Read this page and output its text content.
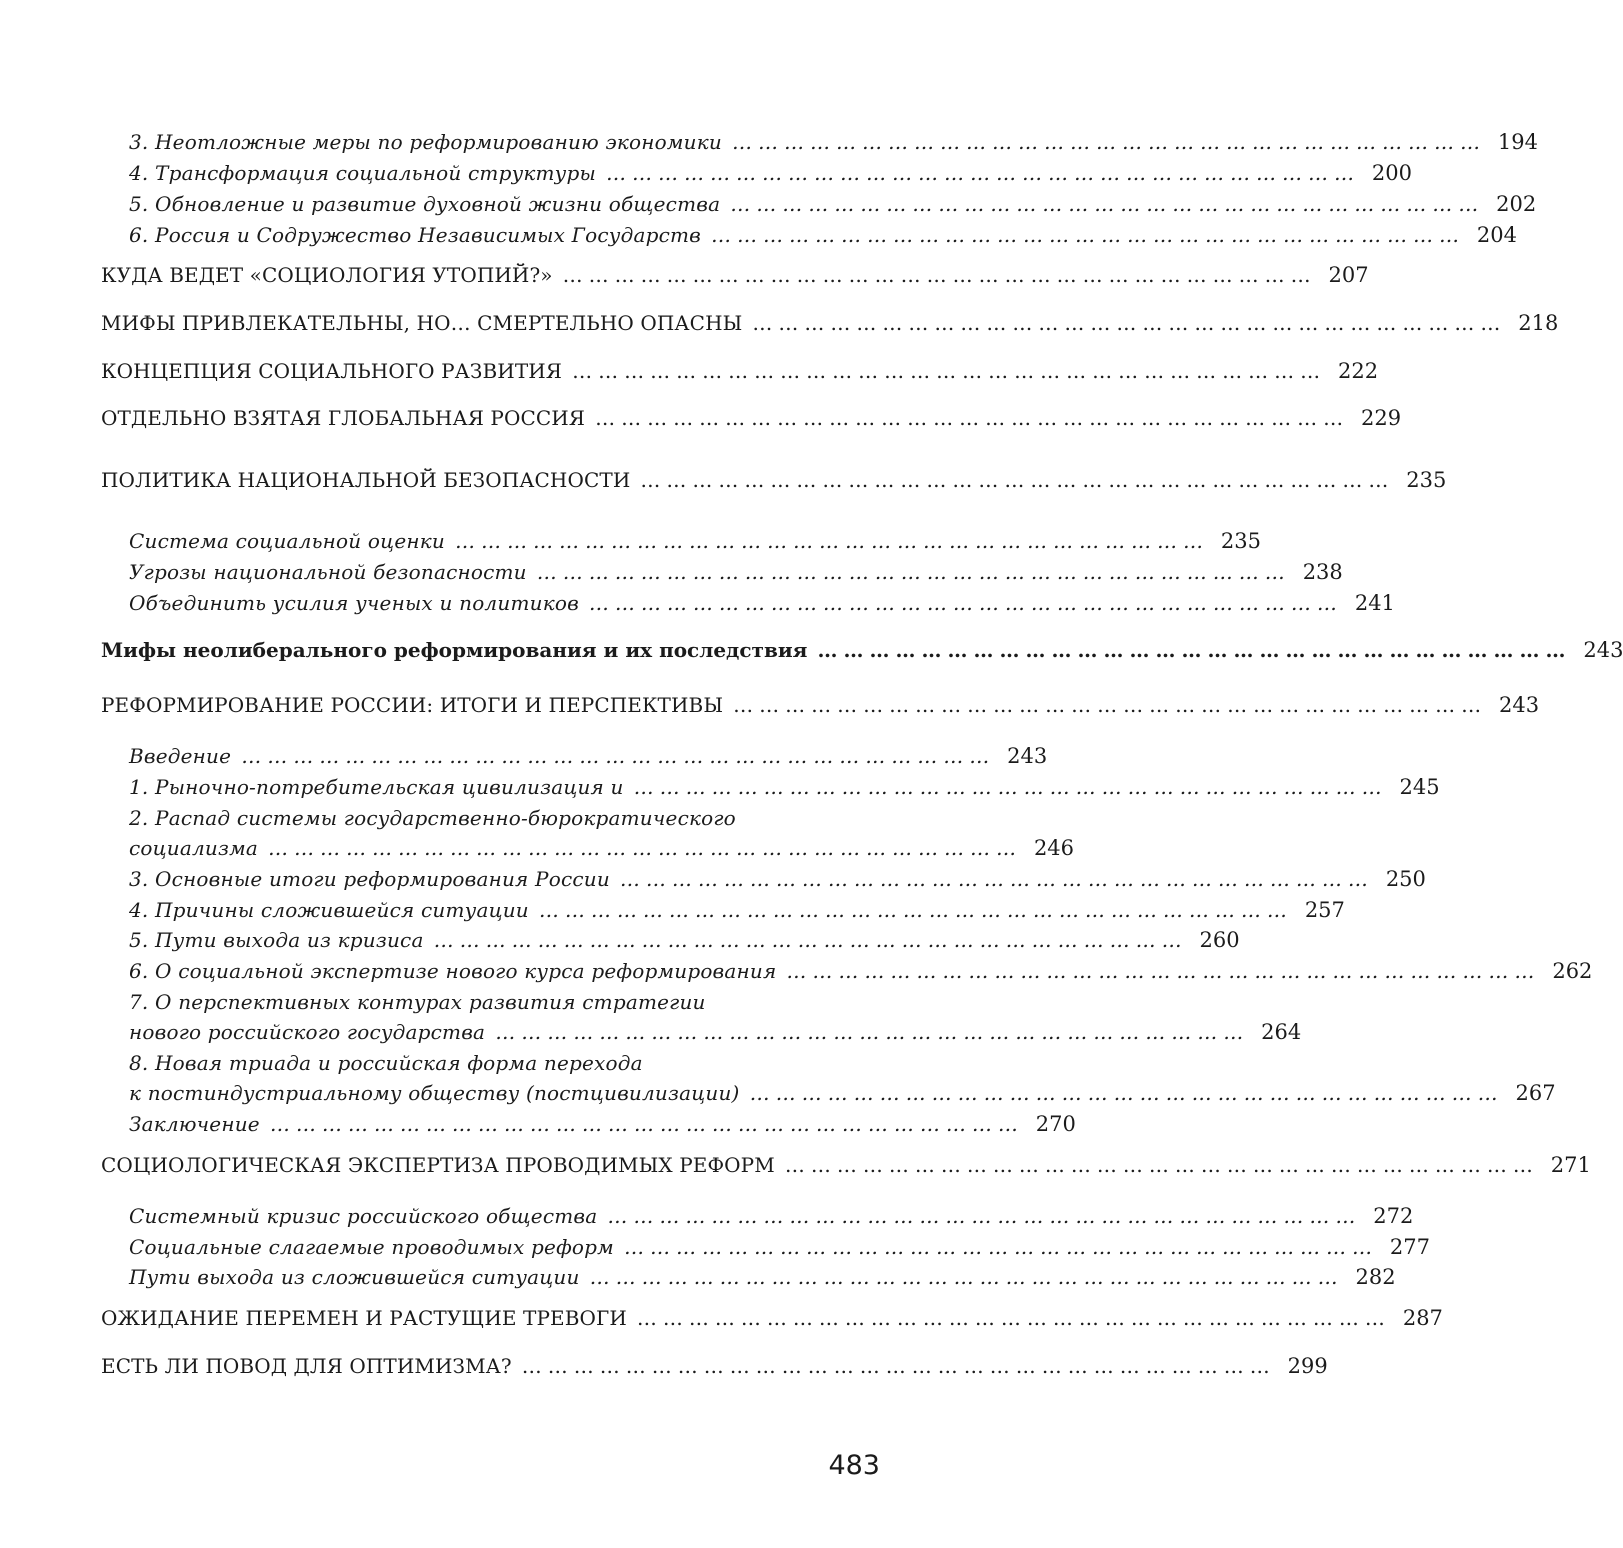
3. Неотложные меры по реформированию экономики …………………………………………………………………………… 194
4. Трансформация социальной структуры …………………………………………………………………………… 200
5. Обновление и развитие духовной жизни общества …………………………………………………………………………… 202
6. Россия и Содружество Независимых Государств …………………………………………………………………………… 204
КУДА ВЕДЕТ «СОЦИОЛОГИЯ УТОПИЙ?» …………………………………………………………………………… 207
МИФЫ ПРИВЛЕКАТЕЛЬНЫ, НО… СМЕРТЕЛЬНО ОПАСНЫ …………………………………………………………………………… 218
КОНЦЕПЦИЯ СОЦИАЛЬНОГО РАЗВИТИЯ …………………………………………………………………………… 222
ОТДЕЛЬНО ВЗЯТАЯ ГЛОБАЛЬНАЯ РОССИЯ …………………………………………………………………………… 229
ПОЛИТИКА НАЦИОНАЛЬНОЙ БЕЗОПАСНОСТИ …………………………………………………………………………… 235
Система социальной оценки …………………………………………………………………………… 235
Угрозы национальной безопасности …………………………………………………………………………… 238
Объединить усилия ученых и политиков …………………………………………………………………………… 241
Мифы неолиберального реформирования и их последствия …………………………………………………………………………… 243
РЕФОРМИРОВАНИЕ РОССИИ: ИТОГИ И ПЕРСПЕКТИВЫ …………………………………………………………………………… 243
Введение …………………………………………………………………………… 243
1. Рыночно-потребительская цивилизация и …………………………………………………………………………… 245
2. Распад системы государственно-бюрократического
социализма …………………………………………………………………………… 246
3. Основные итоги реформирования России …………………………………………………………………………… 250
4. Причины сложившейся ситуации …………………………………………………………………………… 257
5. Пути выхода из кризиса …………………………………………………………………………… 260
6. О социальной экспертизе нового курса реформирования …………………………………………………………………………… 262
7. О перспективных контурах развития стратегии
нового российского государства …………………………………………………………………………… 264
8. Новая триада и российская форма перехода
к постиндустриальному обществу (постцивилизации) …………………………………………………………………………… 267
Заключение …………………………………………………………………………… 270
СОЦИОЛОГИЧЕСКАЯ ЭКСПЕРТИЗА ПРОВОДИМЫХ РЕФОРМ …………………………………………………………………………… 271
Системный кризис российского общества …………………………………………………………………………… 272
Социальные слагаемые проводимых реформ …………………………………………………………………………… 277
Пути выхода из сложившейся ситуации …………………………………………………………………………… 282
ОЖИДАНИЕ ПЕРЕМЕН И РАСТУЩИЕ ТРЕВОГИ …………………………………………………………………………… 287
ЕСТЬ ЛИ ПОВОД ДЛЯ ОПТИМИЗМА? …………………………………………………………………………… 299
483
